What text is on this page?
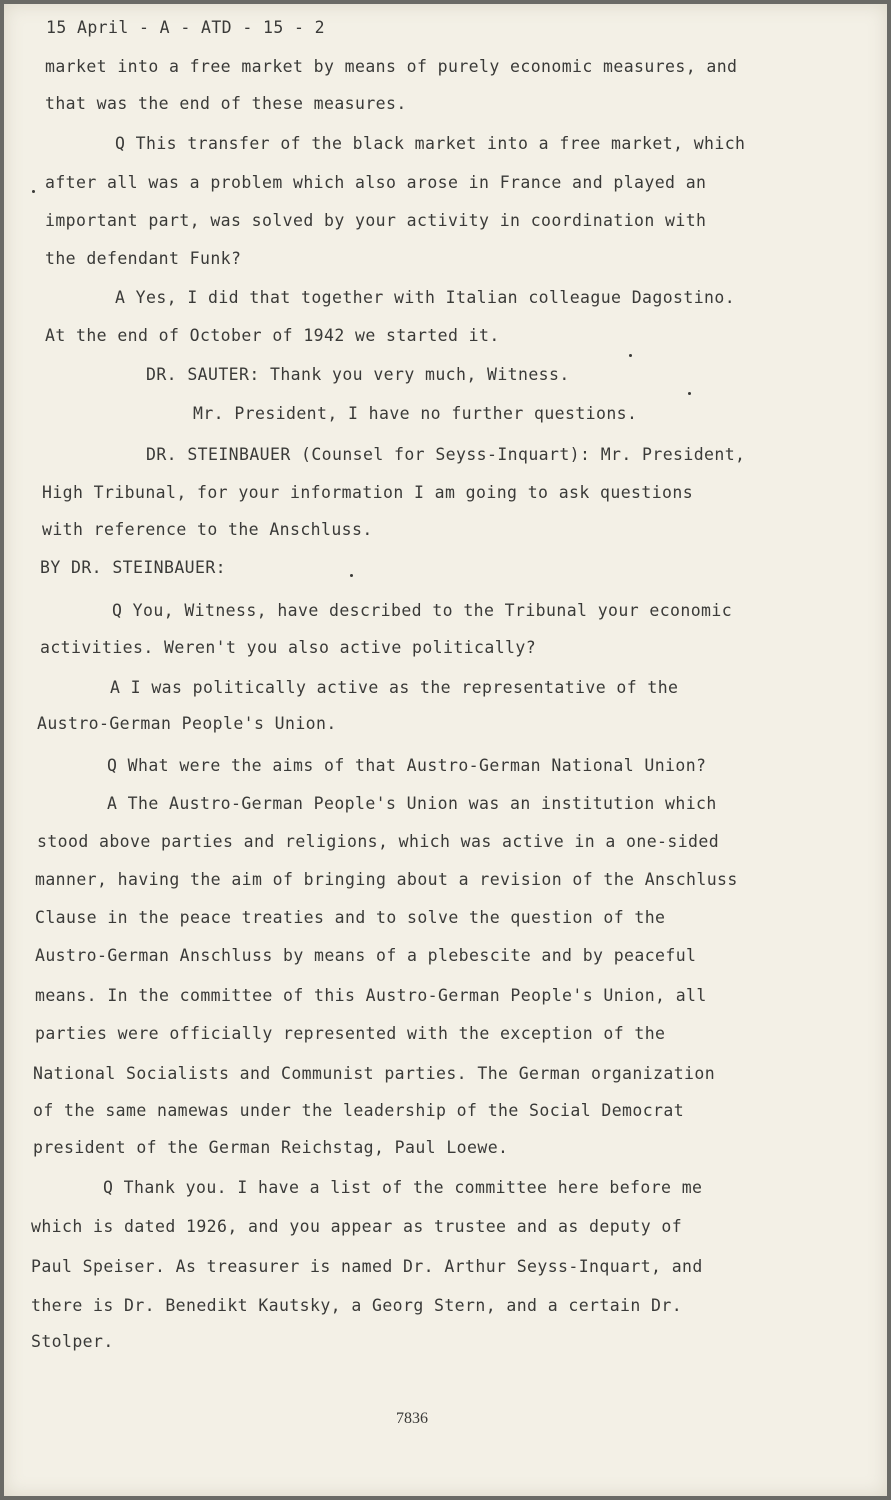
15 April - A - ATD - 15 - 2
market into a free market by means of purely economic measures, and
that was the end of these measures.
Q This transfer of the black market into a free market, which
after all was a problem which also arose in France and played an
important part, was solved by your activity in coordination with
the defendant Funk?
A Yes, I did that together with Italian colleague Dagostino.
At the end of October of 1942 we started it.
DR. SAUTER: Thank you very much, Witness.
Mr. President, I have no further questions.
DR. STEINBAUER (Counsel for Seyss-Inquart): Mr. President,
High Tribunal, for your information I am going to ask questions
with reference to the Anschluss.
BY DR. STEINBAUER:
Q You, Witness, have described to the Tribunal your economic
activities. Weren't you also active politically?
A I was politically active as the representative of the
Austro-German People's Union.
Q What were the aims of that Austro-German National Union?
A The Austro-German People's Union was an institution which
stood above parties and religions, which was active in a one-sided
manner, having the aim of bringing about a revision of the Anschluss
Clause in the peace treaties and to solve the question of the
Austro-German Anschluss by means of a plebescite and by peaceful
means. In the committee of this Austro-German People's Union, all
parties were officially represented with the exception of the
National Socialists and Communist parties. The German organization
of the same namewas under the leadership of the Social Democrat
president of the German Reichstag, Paul Loewe.
Q Thank you. I have a list of the committee here before me
which is dated 1926, and you appear as trustee and as deputy of
Paul Speiser. As treasurer is named Dr. Arthur Seyss-Inquart, and
there is Dr. Benedikt Kautsky, a Georg Stern, and a certain Dr.
Stolper.
7836
